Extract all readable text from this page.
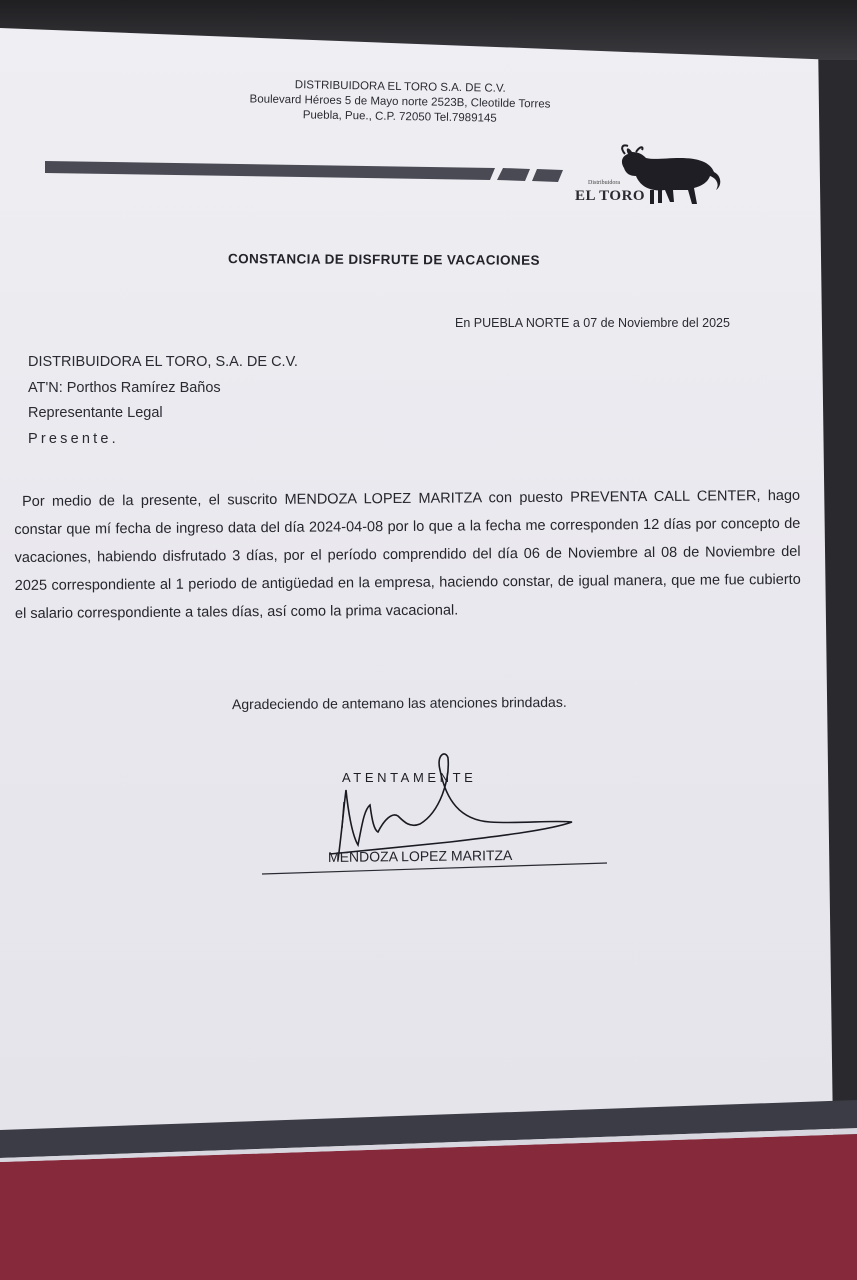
DISTRIBUIDORA EL TORO S.A. DE C.V.
Boulevard Héroes 5 de Mayo norte 2523B, Cleotilde Torres
Puebla, Pue., C.P. 72050 Tel.7989145
Distribuidora
EL TORO
CONSTANCIA DE DISFRUTE DE VACACIONES
En PUEBLA NORTE a 07 de Noviembre del 2025
DISTRIBUIDORA EL TORO, S.A. DE C.V.
AT'N: Porthos Ramírez Baños
Representante Legal
Presente.

Por medio de la presente, el suscrito MENDOZA LOPEZ MARITZA con puesto PREVENTA CALL CENTER, hago constar que mí fecha de ingreso data del día 2024-04-08 por lo que a la fecha me corresponden 12 días por concepto de vacaciones, habiendo disfrutado 3 días, por el período comprendido del día 06 de Noviembre al 08 de Noviembre del 2025 correspondiente al 1 periodo de antigüedad en la empresa, haciendo constar, de igual manera, que me fue cubierto el salario correspondiente a tales días, así como la prima vacacional.

Agradeciendo de antemano las atenciones brindadas.
ATENTAMENTE
MENDOZA LOPEZ MARITZA
